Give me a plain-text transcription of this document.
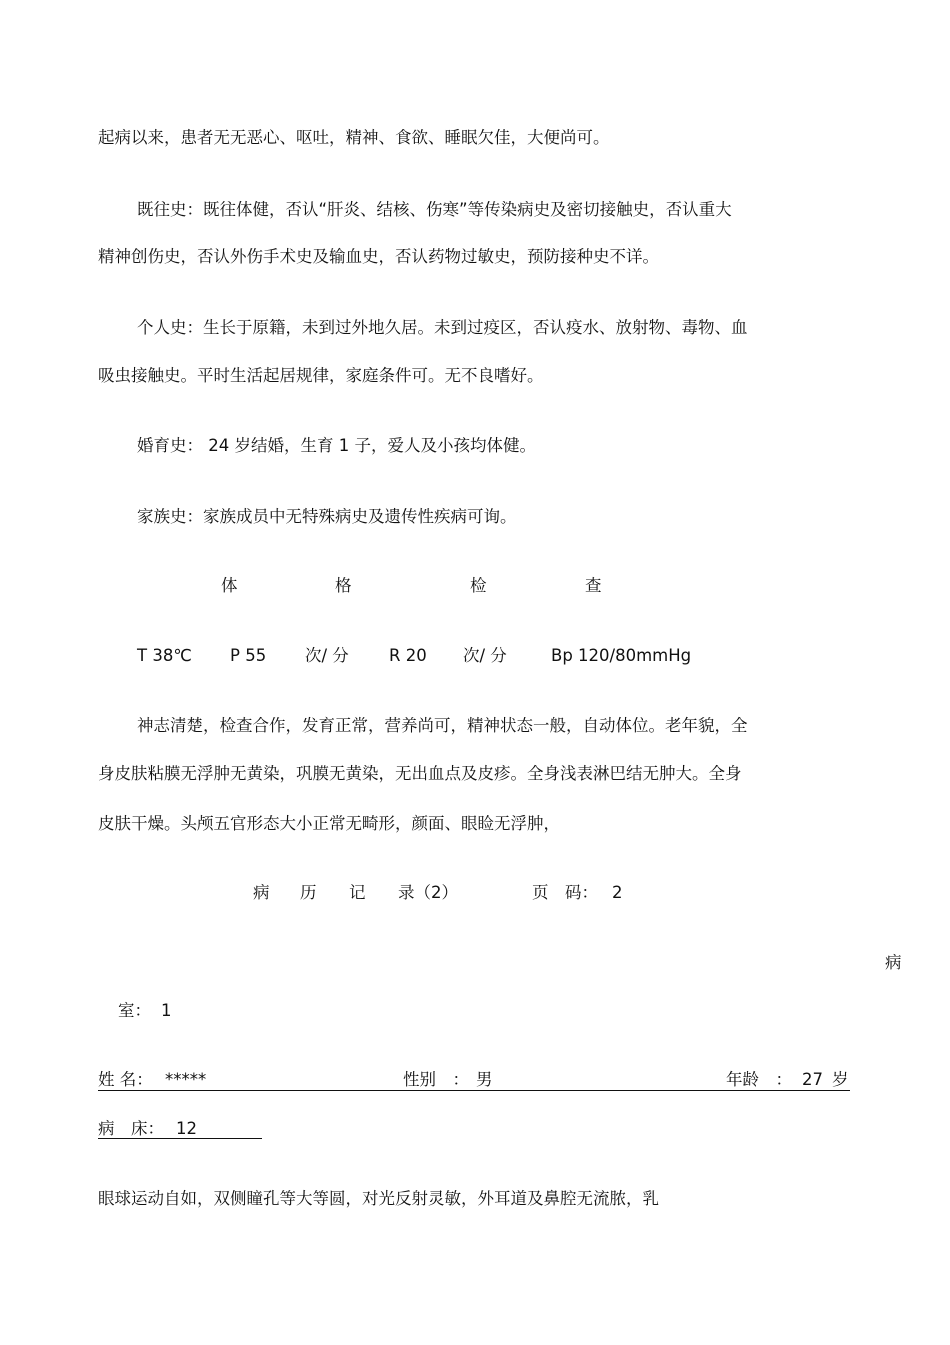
起病以来，患者无无恶心、呕吐，精神、食欲、睡眠欠佳，大便尚可。
既往史：既往体健，否认“肝炎、结核、伤寒”等传染病史及密切接触史，否认重大
精神创伤史，否认外伤手术史及输血史，否认药物过敏史，预防接种史不详。
个人史：生长于原籍，未到过外地久居。未到过疫区，否认疫水、放射物、毒物、血
吸虫接触史。平时生活起居规律，家庭条件可。无不良嗜好。
婚育史： 24 岁结婚，生育 1 子，爱人及小孩均体健。
家族史：家族成员中无特殊病史及遗传性疾病可询。
体	格	检	查
T 38℃ P 55 次/ 分 R 20 次/ 分	Bp 120/80mmHg
神志清楚，检查合作，发育正常，营养尚可，精神状态一般，自动体位。老年貌，全
身皮肤粘膜无浮肿无黄染，巩膜无黄染，无出血点及皮疹。全身浅表淋巴结无肿大。全身
皮肤干燥。头颅五官形态大小正常无畸形，颜面、眼睑无浮肿，
病 历 记 录（2）	页　码： 2
病
室： 1
姓 名： *****	性别　： 男	年龄　： 27 岁
病　床： 12
眼球运动自如，双侧瞳孔等大等圆，对光反射灵敏，外耳道及鼻腔无流脓，乳
